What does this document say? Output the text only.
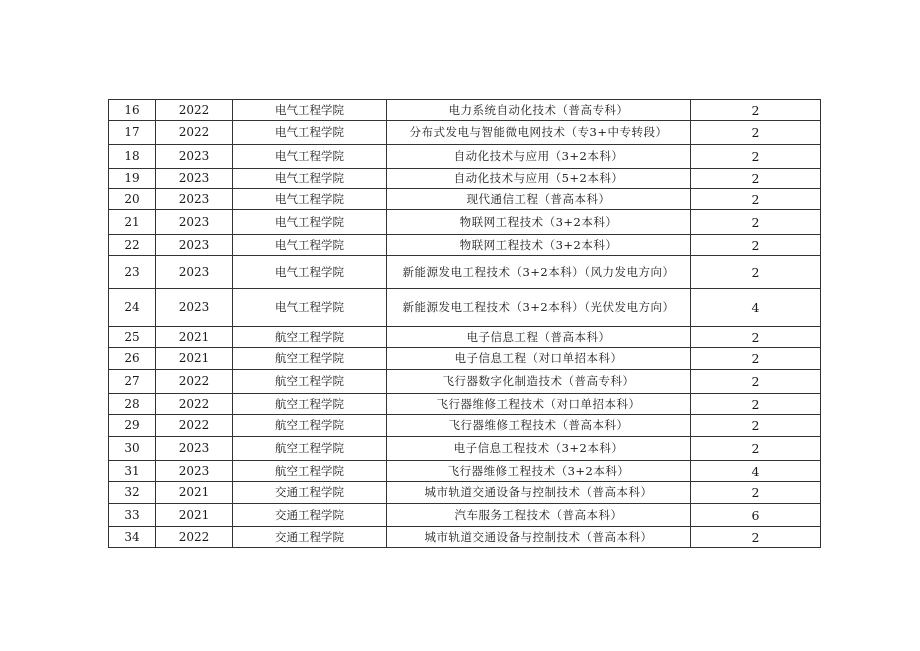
16	2022	电气工程学院	电力系统自动化技术（普高专科）	2
17	2022	电气工程学院	分布式发电与智能微电网技术（专3+中专转段）	2
18	2023	电气工程学院	自动化技术与应用（3+2本科）	2
19	2023	电气工程学院	自动化技术与应用（5+2本科）	2
20	2023	电气工程学院	现代通信工程（普高本科）	2
21	2023	电气工程学院	物联网工程技术（3+2本科）	2
22	2023	电气工程学院	物联网工程技术（3+2本科）	2
23	2023	电气工程学院	新能源发电工程技术（3+2本科）（风力发电方向）	2
24	2023	电气工程学院	新能源发电工程技术（3+2本科）（光伏发电方向）	4
25	2021	航空工程学院	电子信息工程（普高本科）	2
26	2021	航空工程学院	电子信息工程（对口单招本科）	2
27	2022	航空工程学院	飞行器数字化制造技术（普高专科）	2
28	2022	航空工程学院	飞行器维修工程技术（对口单招本科）	2
29	2022	航空工程学院	飞行器维修工程技术（普高本科）	2
30	2023	航空工程学院	电子信息工程技术（3+2本科）	2
31	2023	航空工程学院	飞行器维修工程技术（3+2本科）	4
32	2021	交通工程学院	城市轨道交通设备与控制技术（普高本科）	2
33	2021	交通工程学院	汽车服务工程技术（普高本科）	6
34	2022	交通工程学院	城市轨道交通设备与控制技术（普高本科）	2
